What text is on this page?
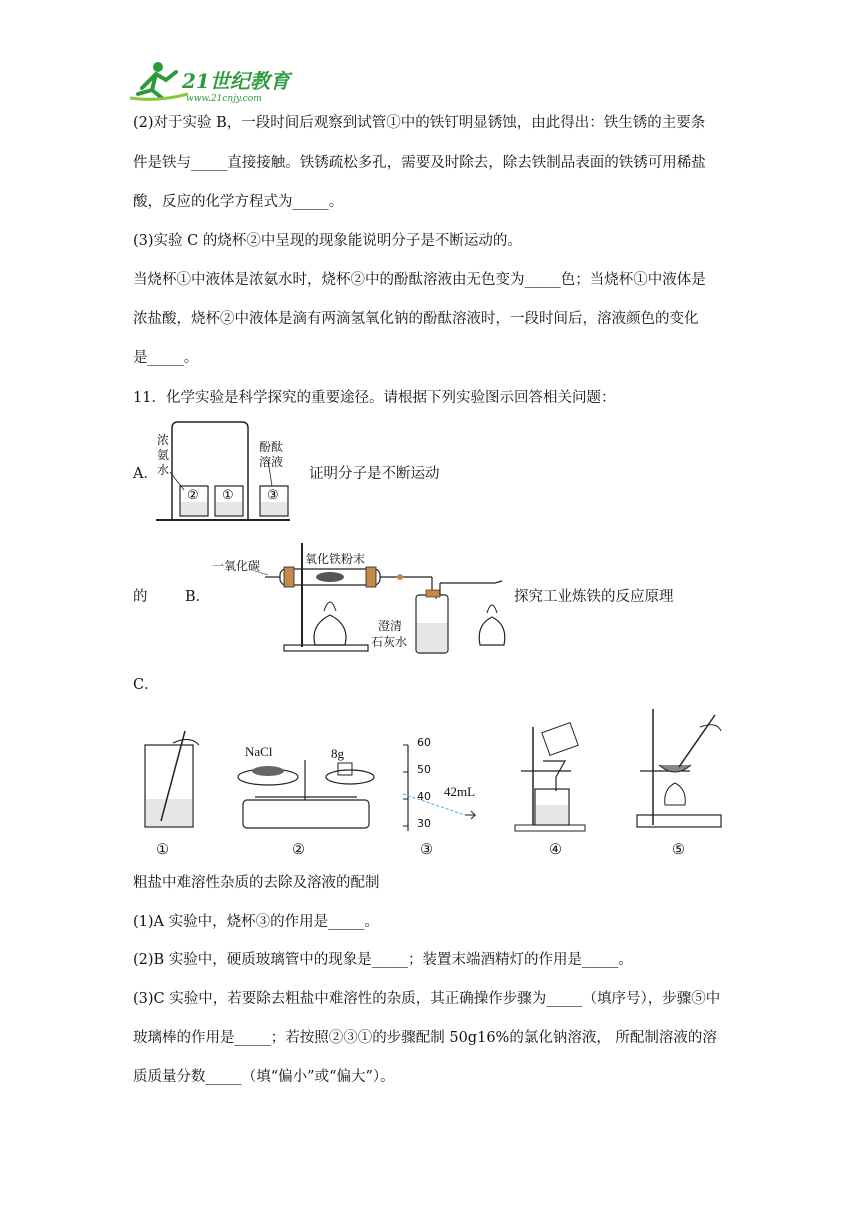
21世纪教育
www.21cnjy.com
(2)对于实验 B，一段时间后观察到试管①中的铁钉明显锈蚀，由此得出：铁生锈的主要条
件是铁与_____直接接触。铁锈疏松多孔，需要及时除去，除去铁制品表面的铁锈可用稀盐
酸，反应的化学方程式为_____。
(3)实验 C 的烧杯②中呈现的现象能说明分子是不断运动的。
当烧杯①中液体是浓氨水时，烧杯②中的酚酞溶液由无色变为_____色；当烧杯①中液体是
浓盐酸，烧杯②中液体是滴有两滴氢氧化钠的酚酞溶液时，一段时间后，溶液颜色的变化
是_____。
11．化学实验是科学探究的重要途径。请根据下列实验图示回答相关问题：
A．
② ①	③
浓氨水
酚酞溶液
证明分子是不断运动
的	B．
一氧化碳	氧化铁粉末
澄清
石灰水
探究工业炼铁的反应原理
C．
NaCl	8g
60
50
40
30
42mL
①	②	③	④	⑤
粗盐中难溶性杂质的去除及溶液的配制
(1)A 实验中，烧杯③的作用是_____。
(2)B 实验中，硬质玻璃管中的现象是_____；装置末端酒精灯的作用是_____。
(3)C 实验中，若要除去粗盐中难溶性的杂质，其正确操作步骤为_____（填序号），步骤⑤中
玻璃棒的作用是_____；若按照②③①的步骤配制 50g16%的氯化钠溶液， 所配制溶液的溶
质质量分数_____（填“偏小”或“偏大”）。
